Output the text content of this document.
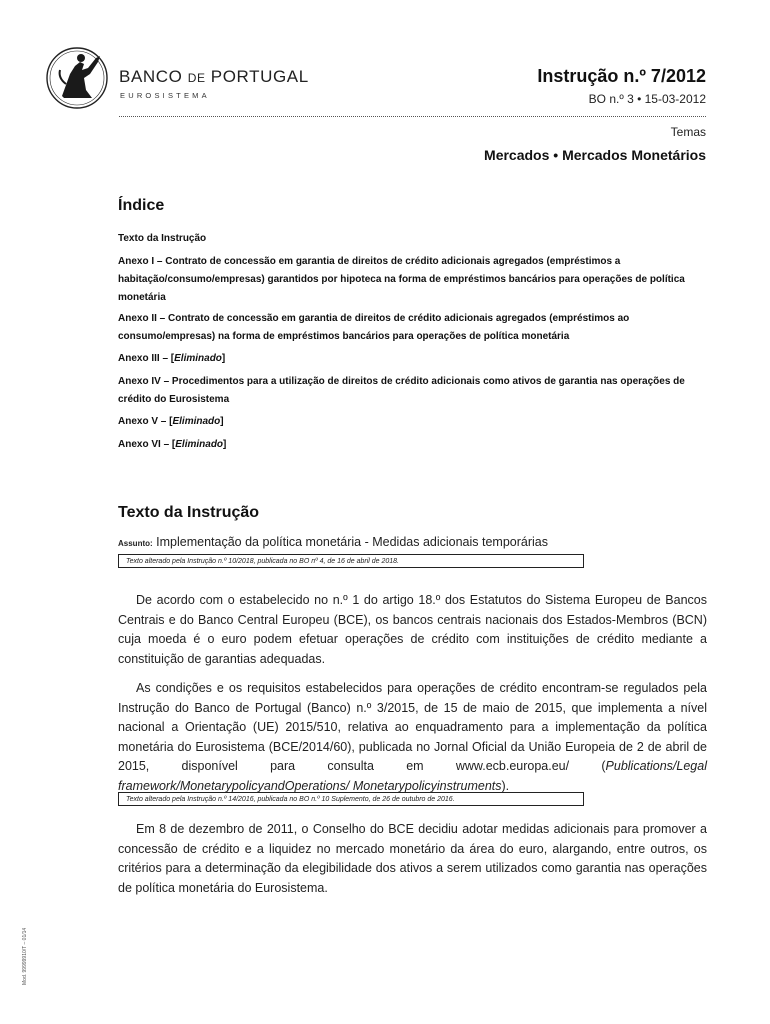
BANCO DE PORTUGAL
EUROSISTEMA
Instrução n.º 7/2012
BO n.º 3 • 15-03-2012
Temas
Mercados • Mercados Monetários
Índice
Texto da Instrução
Anexo I – Contrato de concessão em garantia de direitos de crédito adicionais agregados (empréstimos a habitação/consumo/empresas) garantidos por hipoteca na forma de empréstimos bancários para operações de política monetária
Anexo II – Contrato de concessão em garantia de direitos de crédito adicionais agregados (empréstimos ao consumo/empresas) na forma de empréstimos bancários para operações de política monetária
Anexo III – [Eliminado]
Anexo IV – Procedimentos para a utilização de direitos de crédito adicionais como ativos de garantia nas operações de crédito do Eurosistema
Anexo V – [Eliminado]
Anexo VI – [Eliminado]
Texto da Instrução
Assunto: Implementação da política monetária - Medidas adicionais temporárias
Texto alterado pela Instrução n.º 10/2018, publicada no BO nº 4, de 16 de abril de 2018.
De acordo com o estabelecido no n.º 1 do artigo 18.º dos Estatutos do Sistema Europeu de Bancos Centrais e do Banco Central Europeu (BCE), os bancos centrais nacionais dos Estados-Membros (BCN) cuja moeda é o euro podem efetuar operações de crédito com instituições de crédito mediante a constituição de garantias adequadas.
As condições e os requisitos estabelecidos para operações de crédito encontram-se regulados pela Instrução do Banco de Portugal (Banco) n.º 3/2015, de 15 de maio de 2015, que implementa a nível nacional a Orientação (UE) 2015/510, relativa ao enquadramento para a implementação da política monetária do Eurosistema (BCE/2014/60), publicada no Jornal Oficial da União Europeia de 2 de abril de 2015, disponível para consulta em www.ecb.europa.eu/ (Publications/Legal framework/MonetarypolicyandOperations/ Monetarypolicyinstruments).
Texto alterado pela Instrução n.º 14/2016, publicada no BO n.º 10 Suplemento, de 26 de outubro de 2016.
Em 8 de dezembro de 2011, o Conselho do BCE decidiu adotar medidas adicionais para promover a concessão de crédito e a liquidez no mercado monetário da área do euro, alargando, entre outros, os critérios para a determinação da elegibilidade dos ativos a serem utilizados como garantia nas operações de política monetária do Eurosistema.
Mod. 99999910/T – 01/14
